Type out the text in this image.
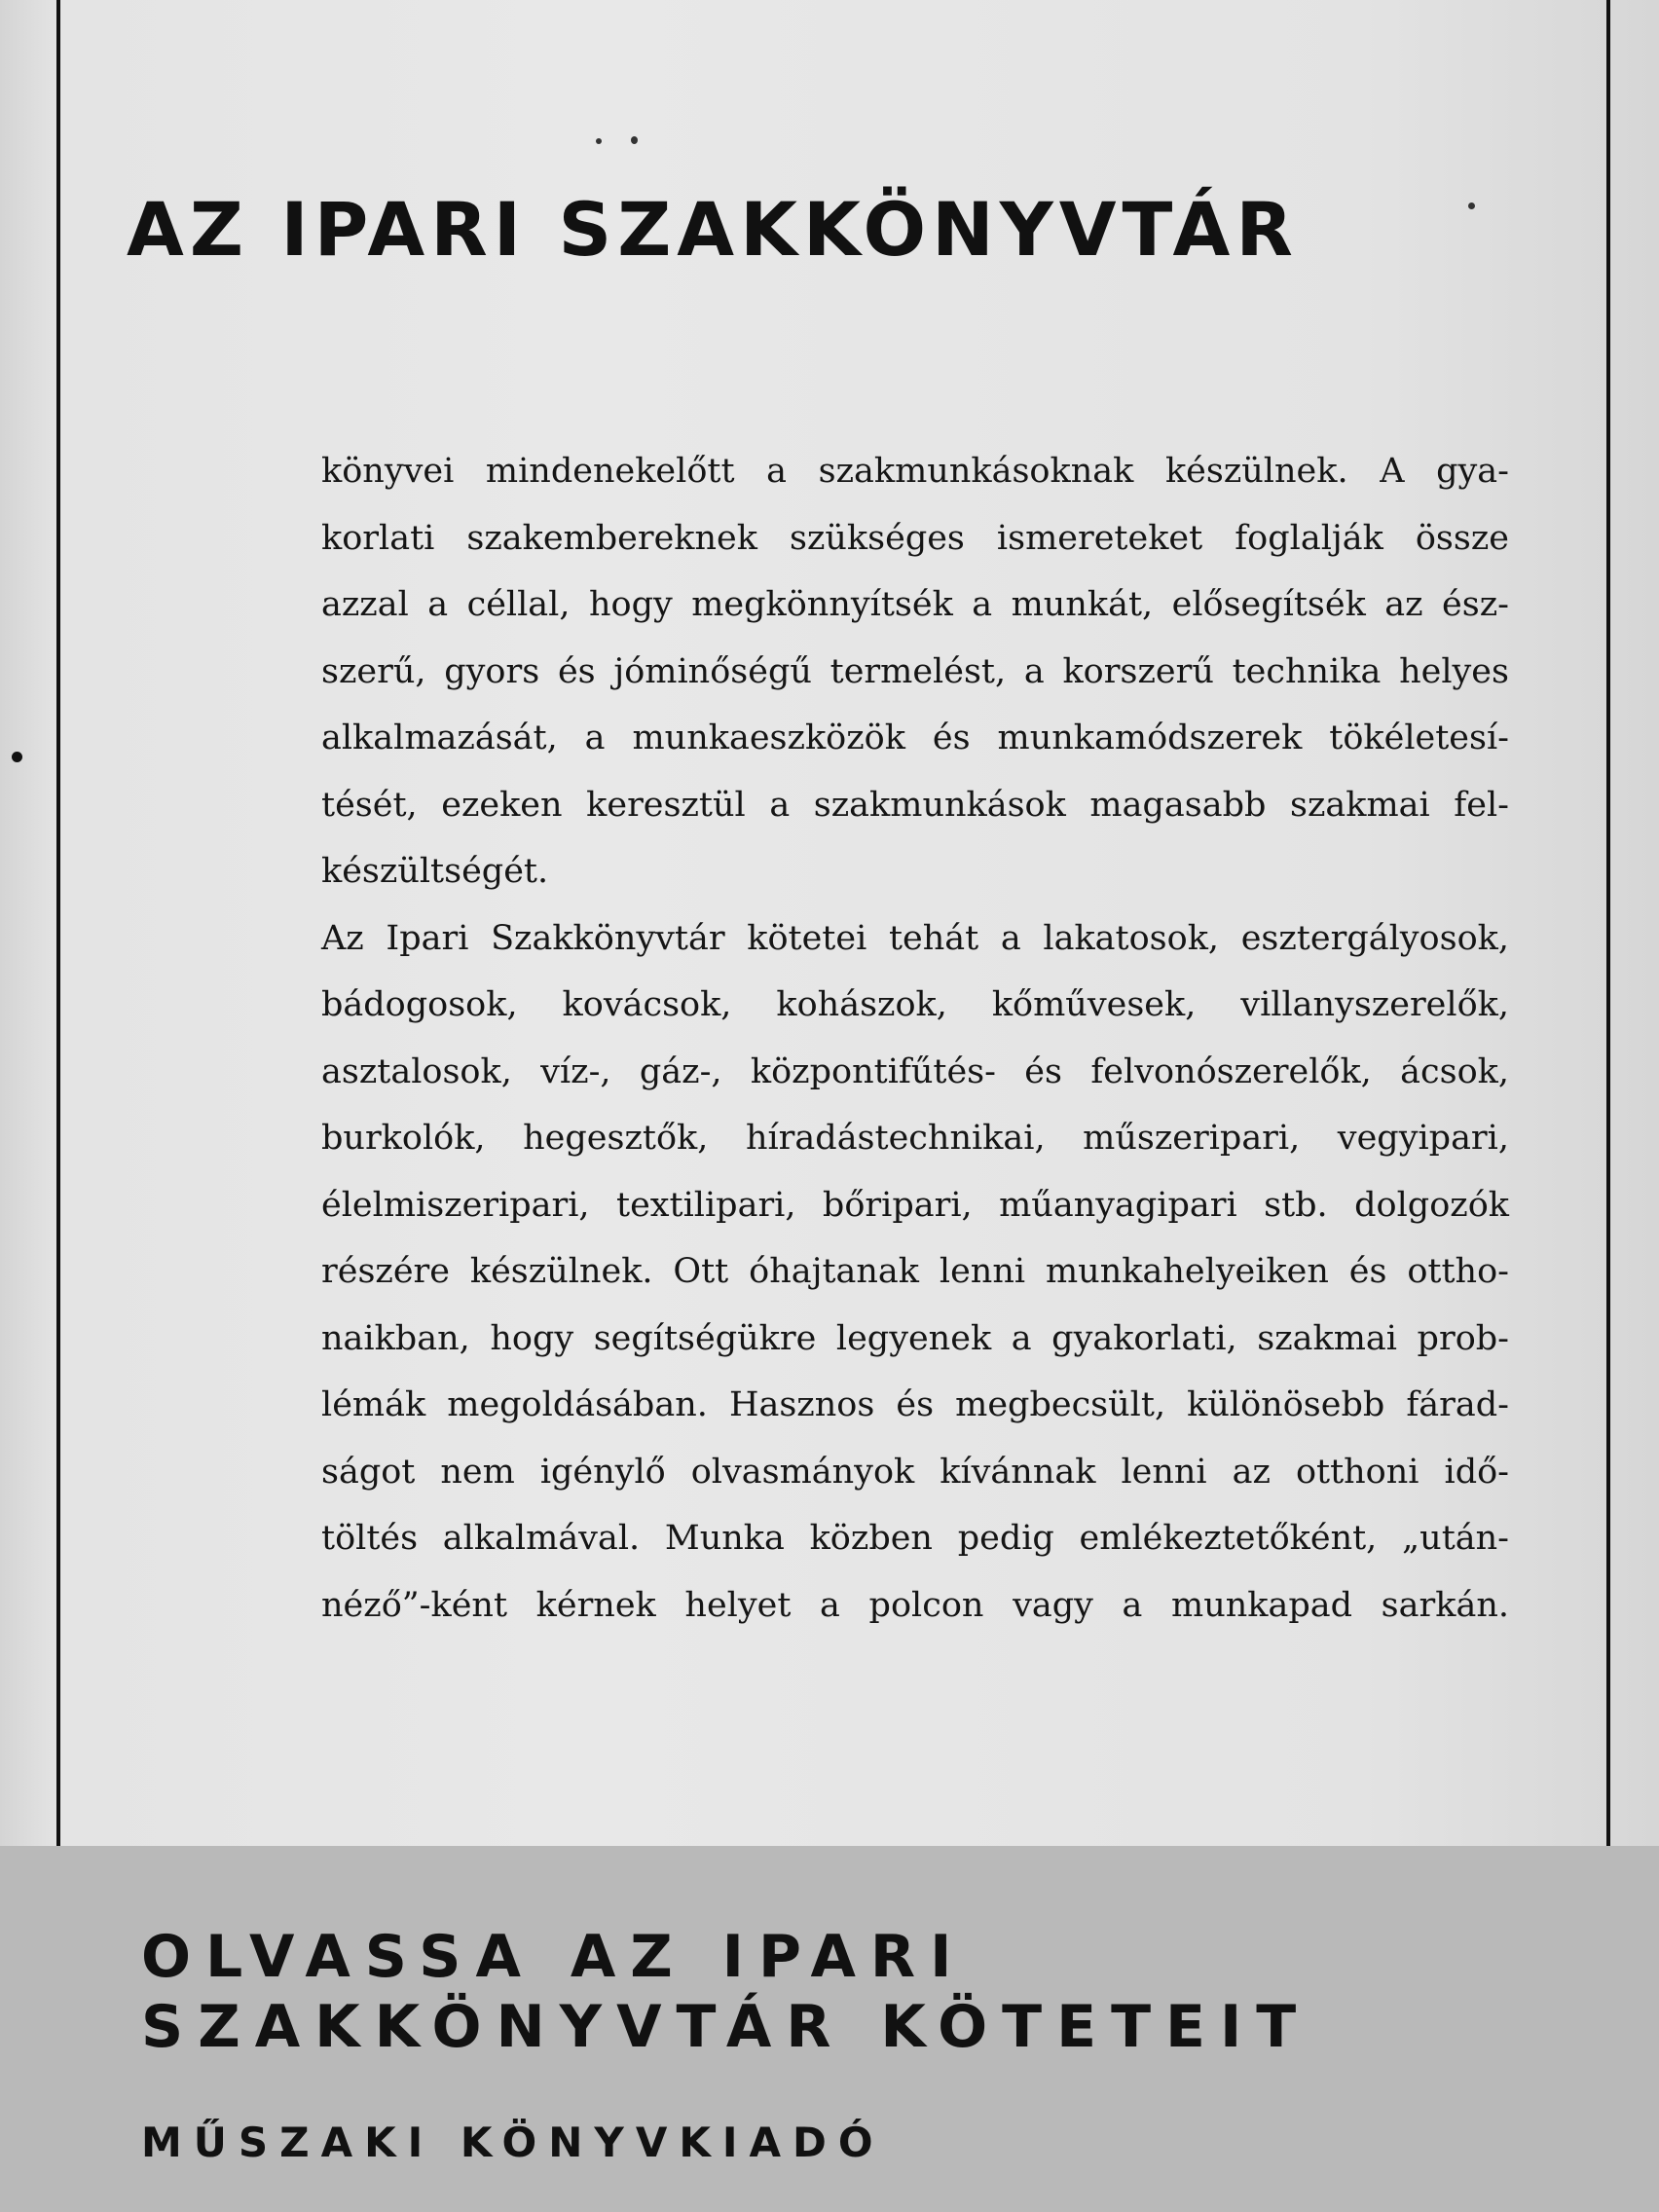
AZ IPARI SZAKKÖNYVTÁR
könyvei mindenekelőtt a szakmunkásoknak készülnek. A gya-
korlati szakembereknek szükséges ismereteket foglalják össze
azzal a céllal, hogy megkönnyítsék a munkát, elősegítsék az ész-
szerű, gyors és jóminőségű termelést, a korszerű technika helyes
alkalmazását, a munkaeszközök és munkamódszerek tökéletesí-
tését, ezeken keresztül a szakmunkások magasabb szakmai fel-
készültségét.
Az Ipari Szakkönyvtár kötetei tehát a lakatosok, esztergályosok,
bádogosok, kovácsok, kohászok, kőművesek, villanyszerelők,
asztalosok, víz-, gáz-, központifűtés- és felvonószerelők, ácsok,
burkolók, hegesztők, híradástechnikai, műszeripari, vegyipari,
élelmiszeripari, textilipari, bőripari, műanyagipari stb. dolgozók
részére készülnek. Ott óhajtanak lenni munkahelyeiken és ottho-
naikban, hogy segítségükre legyenek a gyakorlati, szakmai prob-
lémák megoldásában. Hasznos és megbecsült, különösebb fárad-
ságot nem igénylő olvasmányok kívánnak lenni az otthoni idő-
töltés alkalmával. Munka közben pedig emlékeztetőként, „után-
néző”-ként kérnek helyet a polcon vagy a munkapad sarkán.
OLVASSA AZ IPARI
SZAKKÖNYVTÁR KÖTETEIT
MŰSZAKI KÖNYVKIADÓ
